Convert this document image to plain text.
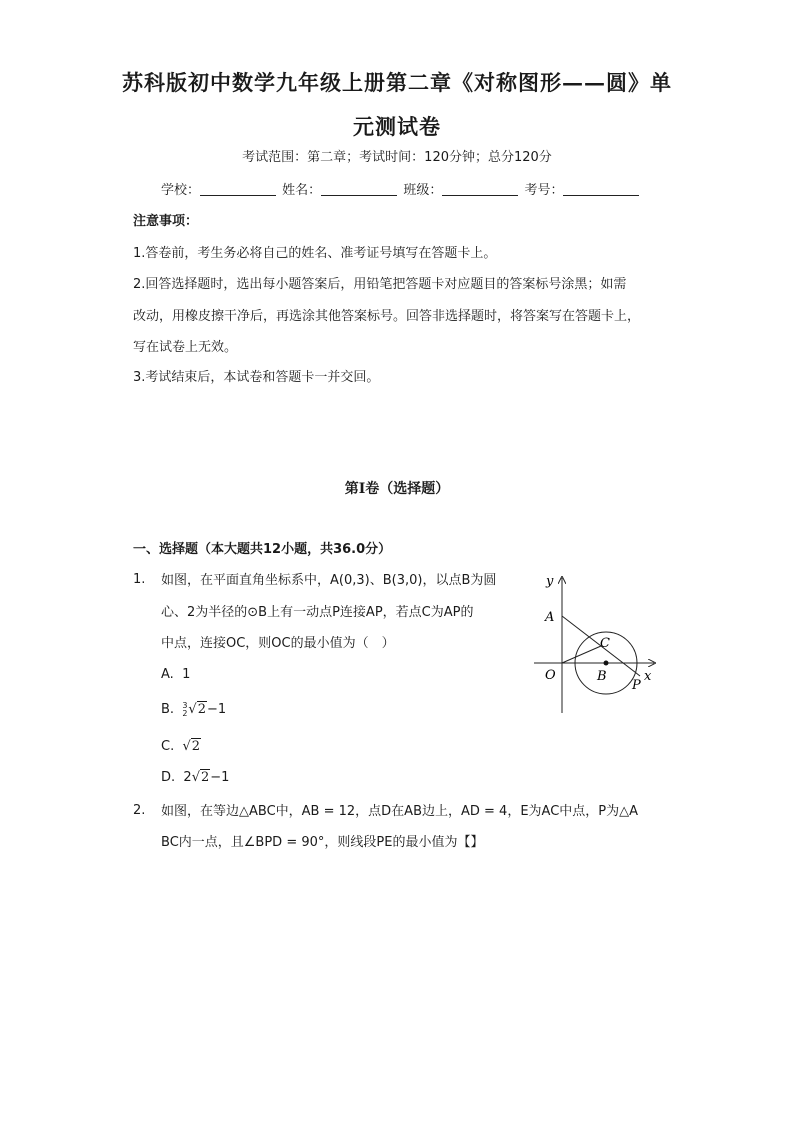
苏科版初中数学九年级上册第二章《对称图形——圆》单
元测试卷
考试范围：第二章；考试时间：120分钟；总分120分
学校：	姓名：	班级：	考号：
注意事项：
1.答卷前，考生务必将自己的姓名、准考证号填写在答题卡上。
2.回答选择题时，选出每小题答案后，用铅笔把答题卡对应题目的答案标号涂黑；如需
改动，用橡皮擦干净后，再选涂其他答案标号。回答非选择题时，将答案写在答题卡上，
写在试卷上无效。
3.考试结束后，本试卷和答题卡一并交回。
第I卷（选择题）
一、选择题（本大题共12小题，共36.0分）
1. 如图，在平面直角坐标系中，A(0,3)、B(3,0)，以点B为圆
心、2为半径的⊙B上有一动点P连接AP，若点C为AP的
中点，连接OC，则OC的最小值为（　）
A. 1
B. 3
2 √2−1
C. √2
D. 2√2−1
y
x
A
O	B
C
P
2. 如图，在等边△ABC中，AB = 12，点D在AB边上，AD = 4，E为AC中点，P为△A
BC内一点，且∠BPD = 90°，则线段PE的最小值为【】
